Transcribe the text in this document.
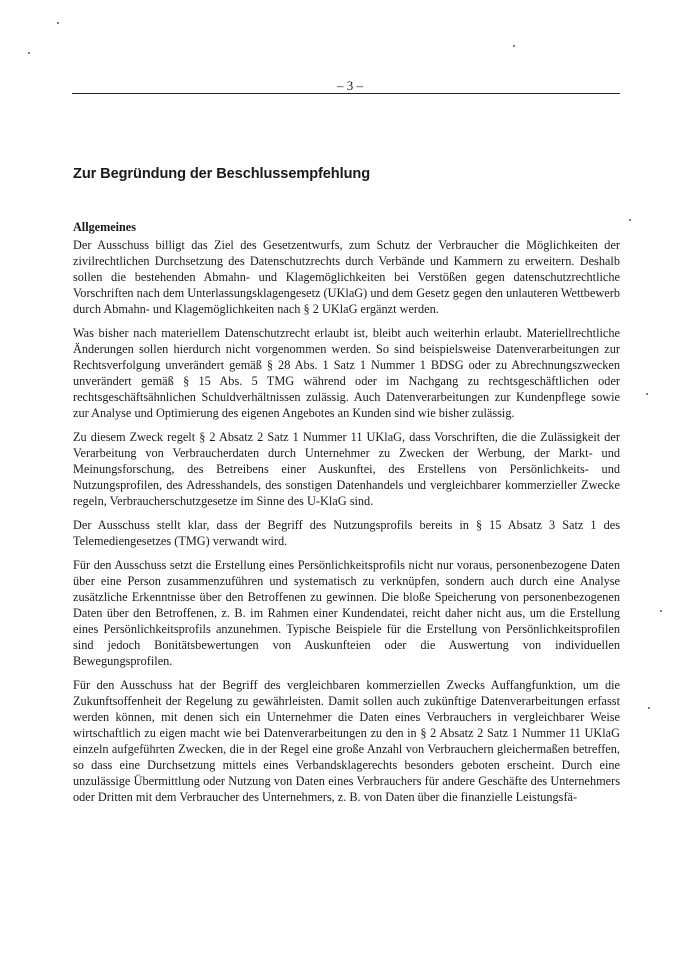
– 3 –
Zur Begründung der Beschlussempfehlung
Allgemeines

Der Ausschuss billigt das Ziel des Gesetzentwurfs, zum Schutz der Verbraucher die Möglichkeiten der zivilrechtlichen Durchsetzung des Datenschutzrechts durch Verbände und Kammern zu erweitern. Deshalb sollen die bestehenden Abmahn- und Klagemöglichkeiten bei Verstößen gegen datenschutzrechtliche Vorschriften nach dem Unterlassungsklagengesetz (UKlaG) und dem Gesetz gegen den unlauteren Wettbewerb durch Abmahn- und Klagemöglichkeiten nach § 2 UKlaG ergänzt werden.

Was bisher nach materiellem Datenschutzrecht erlaubt ist, bleibt auch weiterhin erlaubt. Materiellrechtliche Änderungen sollen hierdurch nicht vorgenommen werden. So sind beispielsweise Datenverarbeitungen zur Rechtsverfolgung unverändert gemäß § 28 Abs. 1 Satz 1 Nummer 1 BDSG oder zu Abrechnungszwecken unverändert gemäß § 15 Abs. 5 TMG während oder im Nachgang zu rechtsgeschäftlichen oder rechtsgeschäftsähnlichen Schuldverhältnissen zulässig. Auch Datenverarbeitungen zur Kundenpflege sowie zur Analyse und Optimierung des eigenen Angebotes an Kunden sind wie bisher zulässig.

Zu diesem Zweck regelt § 2 Absatz 2 Satz 1 Nummer 11 UKlaG, dass Vorschriften, die die Zulässigkeit der Verarbeitung von Verbraucherdaten durch Unternehmer zu Zwecken der Werbung, der Markt- und Meinungsforschung, des Betreibens einer Auskunftei, des Erstellens von Persönlichkeits- und Nutzungsprofilen, des Adresshandels, des sonstigen Datenhandels und vergleichbarer kommerzieller Zwecke regeln, Verbraucherschutzgesetze im Sinne des U-KlaG sind.

Der Ausschuss stellt klar, dass der Begriff des Nutzungsprofils bereits in § 15 Absatz 3 Satz 1 des Telemediengesetzes (TMG) verwandt wird.

Für den Ausschuss setzt die Erstellung eines Persönlichkeitsprofils nicht nur voraus, personenbezogene Daten über eine Person zusammenzuführen und systematisch zu verknüpfen, sondern auch durch eine Analyse zusätzliche Erkenntnisse über den Betroffenen zu gewinnen. Die bloße Speicherung von personenbezogenen Daten über den Betroffenen, z. B. im Rahmen einer Kundendatei, reicht daher nicht aus, um die Erstellung eines Persönlichkeitsprofils anzunehmen. Typische Beispiele für die Erstellung von Persönlichkeitsprofilen sind jedoch Bonitätsbewertungen von Auskunfteien oder die Auswertung von individuellen Bewegungsprofilen.

Für den Ausschuss hat der Begriff des vergleichbaren kommerziellen Zwecks Auffangfunktion, um die Zukunftsoffenheit der Regelung zu gewährleisten. Damit sollen auch zukünftige Datenverarbeitungen erfasst werden können, mit denen sich ein Unternehmer die Daten eines Verbrauchers in vergleichbarer Weise wirtschaftlich zu eigen macht wie bei Datenverarbeitungen zu den in § 2 Absatz 2 Satz 1 Nummer 11 UKlaG einzeln aufgeführten Zwecken, die in der Regel eine große Anzahl von Verbrauchern gleichermaßen betreffen, so dass eine Durchsetzung mittels eines Verbandsklagerechts besonders geboten erscheint. Durch eine unzulässige Übermittlung oder Nutzung von Daten eines Verbrauchers für andere Geschäfte des Unternehmers oder Dritten mit dem Verbraucher des Unternehmers, z. B. von Daten über die finanzielle Leistungsfä-
